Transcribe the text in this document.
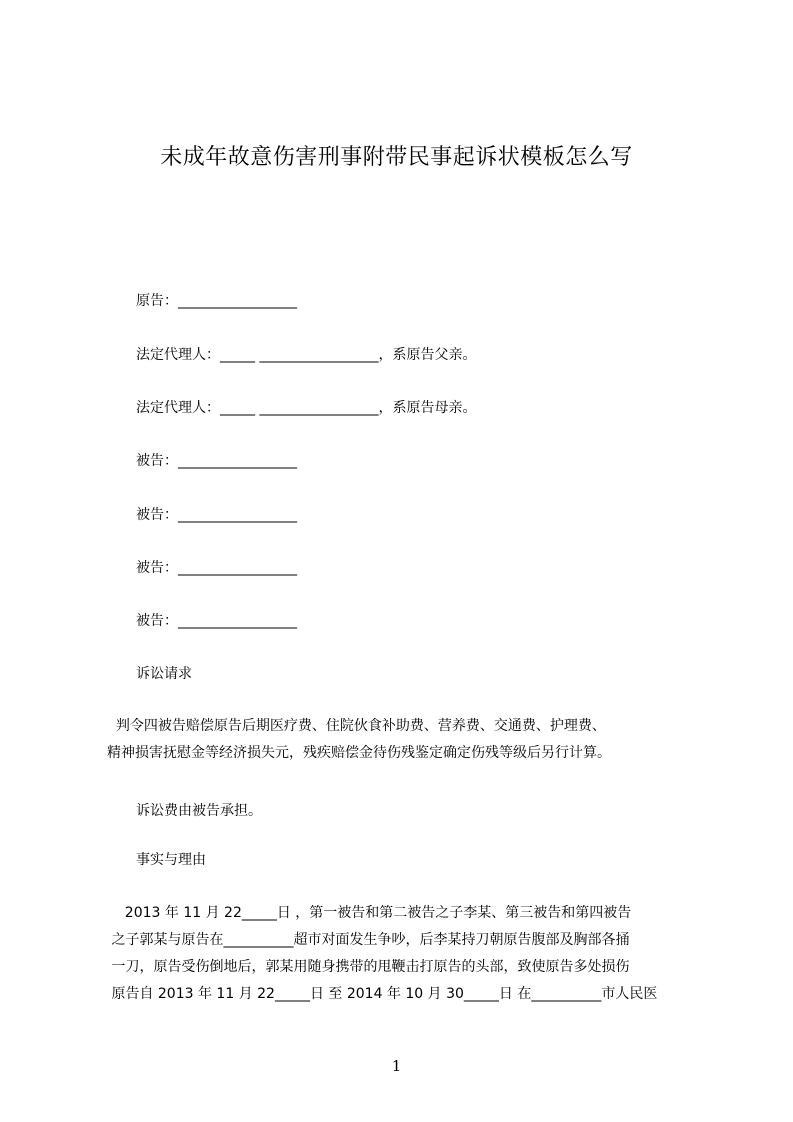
未成年故意伤害刑事附带民事起诉状模板怎么写
原告：_________________
法定代理人：_____ _________________，系原告父亲。
法定代理人：_____ _________________，系原告母亲。
被告：_________________
被告：_________________
被告：_________________
被告：_________________
诉讼请求

判令四被告赔偿原告后期医疗费、住院伙食补助费、营养费、交通费、护理费、

精神损害抚慰金等经济损失元，残疾赔偿金待伤残鉴定确定伤残等级后另行计算。

诉讼费由被告承担。
事实与理由

2013 年 11 月 22_____日 ，第一被告和第二被告之子李某、第三被告和第四被告

之子郭某与原告在__________超市对面发生争吵，后李某持刀朝原告腹部及胸部各捅

一刀，原告受伤倒地后，郭某用随身携带的甩鞭击打原告的头部，致使原告多处损伤

原告自 2013 年 11 月 22_____日 至 2014 年 10 月 30_____日 在__________市人民医

1
